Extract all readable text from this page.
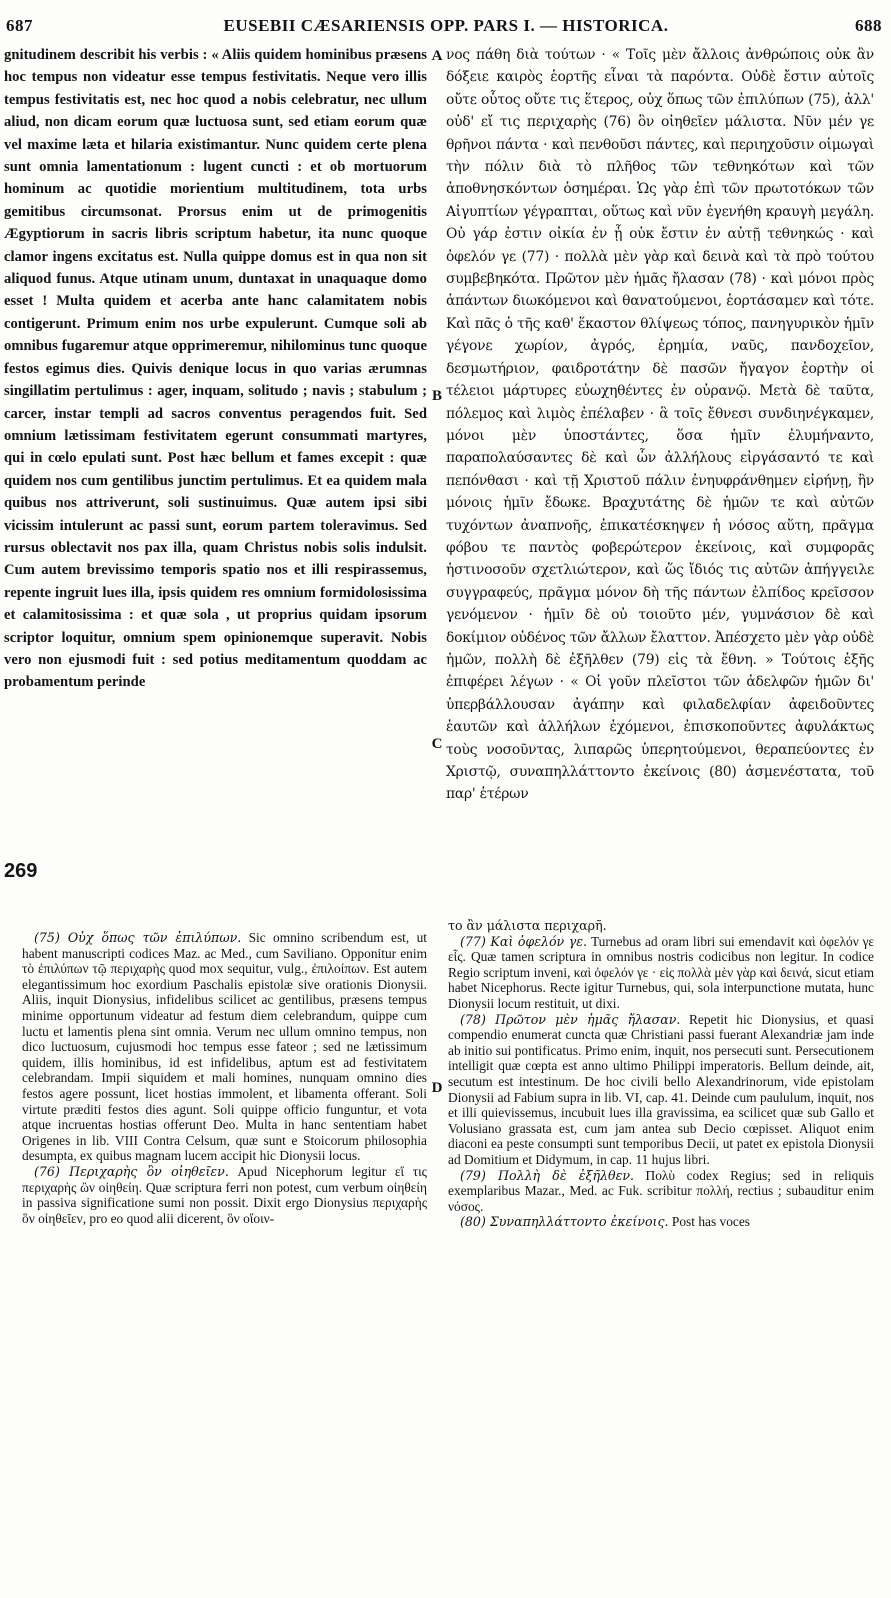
687	EUSEBII CÆSARIENSIS OPP. PARS I. — HISTORICA.	688

gnitudinem describit his verbis : « Aliis quidem hominibus præsens hoc tempus non videatur esse tempus festivitatis. Neque vero illis tempus festivitatis est, nec hoc quod a nobis celebratur, nec ullum aliud, non dicam eorum quæ luctuosa sunt, sed etiam eorum quæ vel maxime læta et hilaria existimantur. Nunc quidem certe plena sunt omnia lamentationum : lugent cuncti : et ob mortuorum hominum ac quotidie morientium multitudinem, tota urbs gemitibus circumsonat. Prorsus enim ut de primogenitis Ægyptiorum in sacris libris scriptum habetur, ita nunc quoque clamor ingens excitatus est. Nulla quippe domus est in qua non sit aliquod funus. Atque utinam unum, duntaxat in unaquaque domo esset ! Multa quidem et acerba ante hanc calamitatem nobis contigerunt. Primum enim nos urbe expulerunt. Cumque soli ab omnibus fugaremur atque opprimeremur, nihilominus tunc quoque festos egimus dies. Quivis denique locus in quo varias ærumnas singillatim pertulimus : ager, inquam, solitudo ; navis ; stabulum ; carcer, instar templi ad sacros conventus peragendos fuit. Sed omnium lætissimam festivitatem egerunt consummati martyres, qui in cœlo epulati sunt. Post hæc bellum et fames excepit : quæ quidem nos cum gentilibus junctim pertulimus. Et ea quidem mala quibus nos attriverunt, soli sustinuimus. Quæ autem ipsi sibi vicissim intulerunt ac passi sunt, eorum partem toleravimus. Sed rursus oblectavit nos pax illa, quam Christus nobis solis indulsit. Cum autem brevissimo temporis spatio nos et illi respirassemus, repente ingruit lues illa, ipsis quidem res omnium formidolosissima et calamitosissima : et quæ sola , ut proprius quidam ipsorum scriptor loquitur, omnium spem opinionemque superavit. Nobis vero non ejusmodi fuit : sed potius meditamentum quoddam ac probamentum perinde

A
B
C
D

νος πάθη διὰ τούτων · « Τοῖς μὲν ἄλλοις ἀνθρώποις οὐκ ἂν δόξειε καιρὸς ἑορτῆς εἶναι τὰ παρόντα. Οὐδὲ ἔστιν αὐτοῖς οὔτε οὗτος οὔτε τις ἕτερος, οὐχ ὅπως τῶν ἐπιλύπων (75), ἀλλ' οὐδ' εἴ τις περιχαρὴς (76) ὃν οἰηθεῖεν μάλιστα. Νῦν μέν γε θρῆνοι πάντα · καὶ πενθοῦσι πάντες, καὶ περιηχοῦσιν οἰμωγαὶ τὴν πόλιν διὰ τὸ πλῆθος τῶν τεθνηκότων καὶ τῶν ἀποθνησκόντων ὁσημέραι. Ὡς γὰρ ἐπὶ τῶν πρωτοτόκων τῶν Αἰγυπτίων γέγραπται, οὕτως καὶ νῦν ἐγενήθη κραυγὴ μεγάλη. Οὐ γάρ ἐστιν οἰκία ἐν ᾗ οὐκ ἔστιν ἐν αὐτῇ τεθνηκώς · καὶ ὀφελόν γε (77) · πολλὰ μὲν γὰρ καὶ δεινὰ καὶ τὰ πρὸ τούτου συμβεβηκότα. Πρῶτον μὲν ἡμᾶς ἤλασαν (78) · καὶ μόνοι πρὸς ἁπάντων διωκόμενοι καὶ θανατούμενοι, ἑορτάσαμεν καὶ τότε. Καὶ πᾶς ὁ τῆς καθ' ἕκαστον θλίψεως τόπος, πανηγυρικὸν ἡμῖν γέγονε χωρίον, ἀγρός, ἐρημία, ναῦς, πανδοχεῖον, δεσμωτήριον, φαιδροτάτην δὲ πασῶν ἤγαγον ἑορτὴν οἱ τέλειοι μάρτυρες εὐωχηθέντες ἐν οὐρανῷ. Μετὰ δὲ ταῦτα, πόλεμος καὶ λιμὸς ἐπέλαβεν · ἃ τοῖς ἔθνεσι συνδιηνέγκαμεν, μόνοι μὲν ὑποστάντες, ὅσα ἡμῖν ἐλυμήναντο, παραπολαύσαντες δὲ καὶ ὧν ἀλλήλους εἰργάσαντό τε καὶ πεπόνθασι · καὶ τῇ Χριστοῦ πάλιν ἐνηυφράνθημεν εἰρήνῃ, ἣν μόνοις ἡμῖν ἔδωκε. Βραχυτάτης δὲ ἡμῶν τε καὶ αὐτῶν τυχόντων ἀναπνοῆς, ἐπικατέσκηψεν ἡ νόσος αὕτη, πρᾶγμα φόβου τε παντὸς φοβερώτερον ἐκείνοις, καὶ συμφορᾶς ἡστινοσοῦν σχετλιώτερον, καὶ ὥς ἴδιός τις αὐτῶν ἀπήγγειλε συγγραφεύς, πρᾶγμα μόνον δὴ τῆς πάντων ἐλπίδος κρεῖσσον γενόμενον · ἡμῖν δὲ οὐ τοιοῦτο μέν, γυμνάσιον δὲ καὶ δοκίμιον οὐδένος τῶν ἄλλων ἔλαττον. Ἀπέσχετο μὲν γὰρ οὐδὲ ἡμῶν, πολλὴ δὲ ἐξῆλθεν (79) εἰς τὰ ἔθνη. » Τούτοις ἑξῆς ἐπιφέρει λέγων · « Οἱ γοῦν πλεῖστοι τῶν ἀδελφῶν ἡμῶν δι' ὑπερβάλλουσαν ἀγάπην καὶ φιλαδελφίαν ἀφειδοῦντες ἑαυτῶν καὶ ἀλλήλων ἐχόμενοι, ἐπισκοποῦντες ἀφυλάκτως τοὺς νοσοῦντας, λιπαρῶς ὑπερητούμενοι, θεραπεύοντες ἐν Χριστῷ, συναπηλλάττοντο ἐκείνοις (80) ἀσμενέστατα, τοῦ παρ' ἑτέρων

269

(75) Οὐχ ὅπως τῶν ἐπιλύπων. Sic omnino scribendum est, ut habent manuscripti codices Maz. ac Med., cum Saviliano. Opponitur enim τὸ ἐπιλύπων τῷ περιχαρὴς quod mox sequitur, vulg., ἐπιλοίπων. Est autem elegantissimum hoc exordium Paschalis epistolæ sive orationis Dionysii. Aliis, inquit Dionysius, infidelibus scilicet ac gentilibus, præsens tempus minime opportunum videatur ad festum diem celebrandum, quippe cum luctu et lamentis plena sint omnia. Verum nec ullum omnino tempus, non dico luctuosum, cujusmodi hoc tempus esse fateor ; sed ne lætissimum quidem, illis hominibus, id est infidelibus, aptum est ad festivitatem celebrandam. Impii siquidem et mali homines, nunquam omnino dies festos agere possunt, licet hostias immolent, et libamenta offerant. Soli virtute præditi festos dies agunt. Soli quippe officio funguntur, et vota atque incruentas hostias offerunt Deo. Multa in hanc sententiam habet Origenes in lib. VIII Contra Celsum, quæ sunt e Stoicorum philosophia desumpta, ex quibus magnam lucem accipit hic Dionysii locus.

(76) Περιχαρὴς ὃν οἰηθεῖεν. Apud Nicephorum legitur εἴ τις περιχαρὴς ὢν οἰηθείη. Quæ scriptura ferri non potest, cum verbum οἰηθείη in passiva significatione sumi non possit. Dixit ergo Dionysius περιχαρὴς ὃν οἰηθεῖεν, pro eo quod alii dicerent, ὃν οἴοιν-

το ἂν μάλιστα περιχαρῆ.

(77) Καὶ ὀφελόν γε. Turnebus ad oram libri sui emendavit καὶ ὀφελόν γε εἷς. Quæ tamen scriptura in omnibus nostris codicibus non legitur. In codice Regio scriptum inveni, καὶ ὀφελόν γε · εἰς πολλὰ μὲν γὰρ καὶ δεινά, sicut etiam habet Nicephorus. Recte igitur Turnebus, qui, sola interpunctione mutata, hunc Dionysii locum restituit, ut dixi.

(78) Πρῶτον μὲν ἡμᾶς ἤλασαν. Repetit hic Dionysius, et quasi compendio enumerat cuncta quæ Christiani passi fuerant Alexandriæ jam inde ab initio sui pontificatus. Primo enim, inquit, nos persecuti sunt. Persecutionem intelligit quæ cœpta est anno ultimo Philippi imperatoris. Bellum deinde, ait, secutum est intestinum. De hoc civili bello Alexandrinorum, vide epistolam Dionysii ad Fabium supra in lib. VI, cap. 41. Deinde cum paululum, inquit, nos et illi quievissemus, incubuit lues illa gravissima, ea scilicet quæ sub Gallo et Volusiano grassata est, cum jam antea sub Decio cœpisset. Aliquot enim diaconi ea peste consumpti sunt temporibus Decii, ut patet ex epistola Dionysii ad Domitium et Didymum, in cap. 11 hujus libri.

(79) Πολλὴ δὲ ἐξῆλθεν. Πολὺ codex Regius; sed in reliquis exemplaribus Mazar., Med. ac Fuk. scribitur πολλή, rectius ; subauditur enim νόσος.

(80) Συναπηλλάττοντο ἐκείνοις. Post has voces
